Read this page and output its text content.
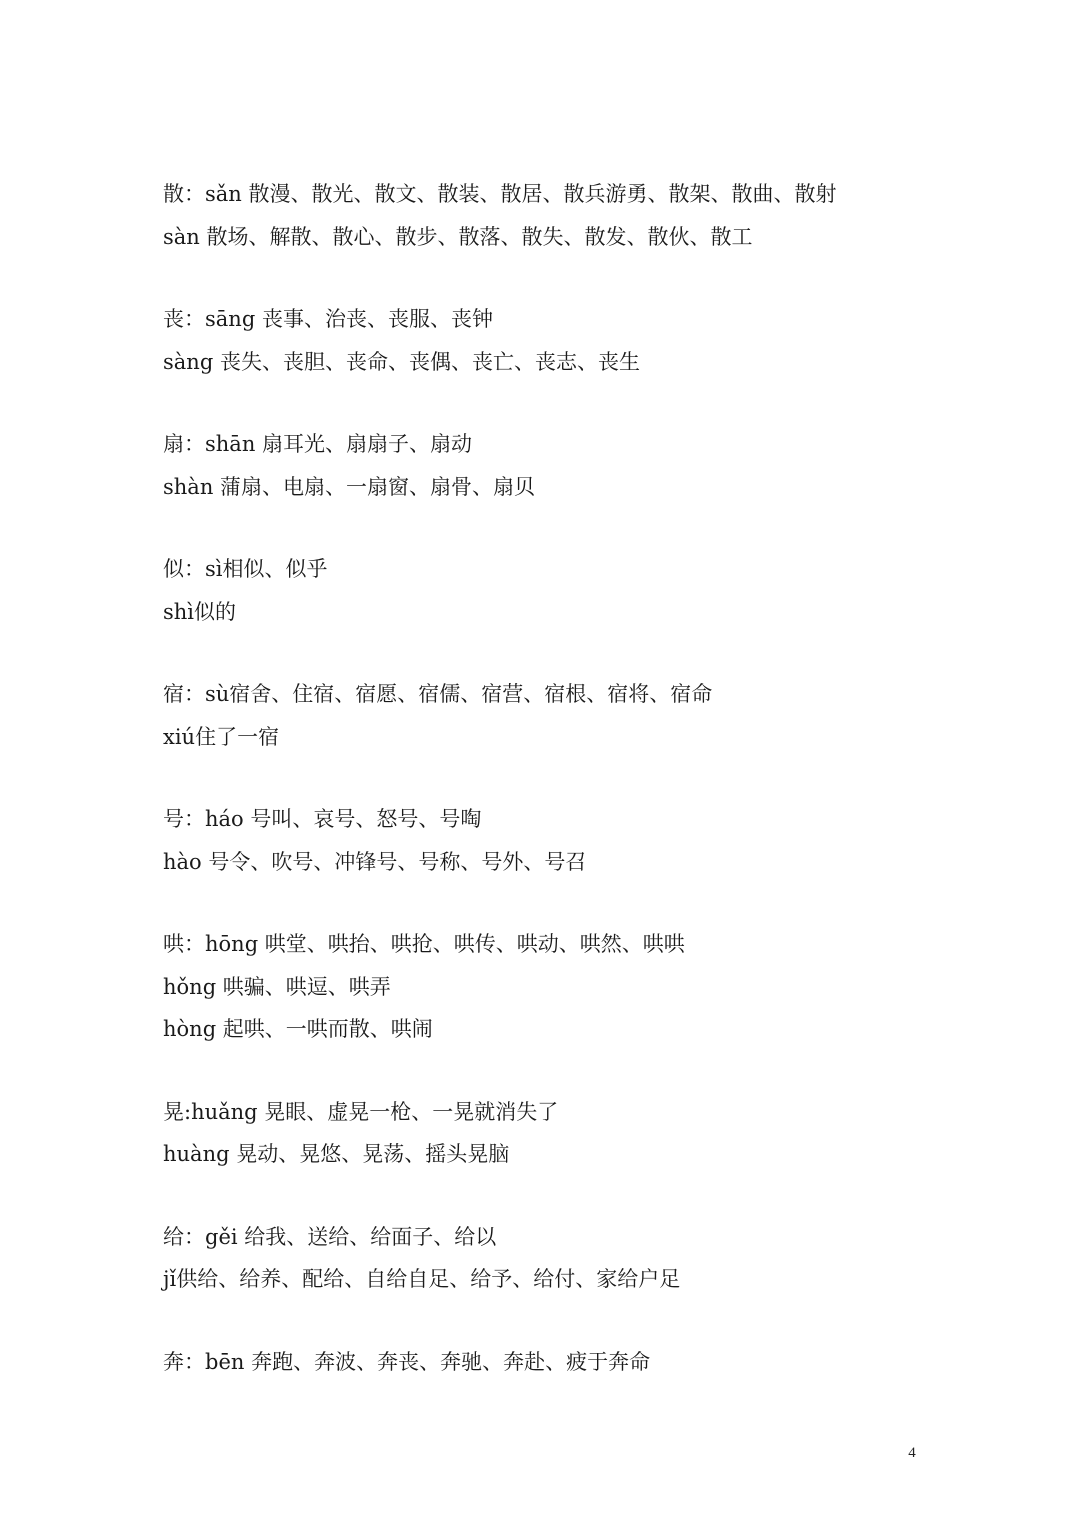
散：sǎn 散漫、散光、散文、散装、散居、散兵游勇、散架、散曲、散射
sàn 散场、解散、散心、散步、散落、散失、散发、散伙、散工
丧：sāng 丧事、治丧、丧服、丧钟
sàng 丧失、丧胆、丧命、丧偶、丧亡、丧志、丧生
扇：shān 扇耳光、扇扇子、扇动
shàn 蒲扇、电扇、一扇窗、扇骨、扇贝
似：sì相似、似乎
shì似的
宿：sù宿舍、住宿、宿愿、宿儒、宿营、宿根、宿将、宿命
xiú住了一宿
号：háo 号叫、哀号、怒号、号啕
hào 号令、吹号、冲锋号、号称、号外、号召
哄：hōng 哄堂、哄抬、哄抢、哄传、哄动、哄然、哄哄
hǒng 哄骗、哄逗、哄弄
hòng 起哄、一哄而散、哄闹
晃:huǎng 晃眼、虚晃一枪、一晃就消失了
huàng 晃动、晃悠、晃荡、摇头晃脑
给：gěi 给我、送给、给面子、给以
jǐ供给、给养、配给、自给自足、给予、给付、家给户足
奔：bēn 奔跑、奔波、奔丧、奔驰、奔赴、疲于奔命
4
